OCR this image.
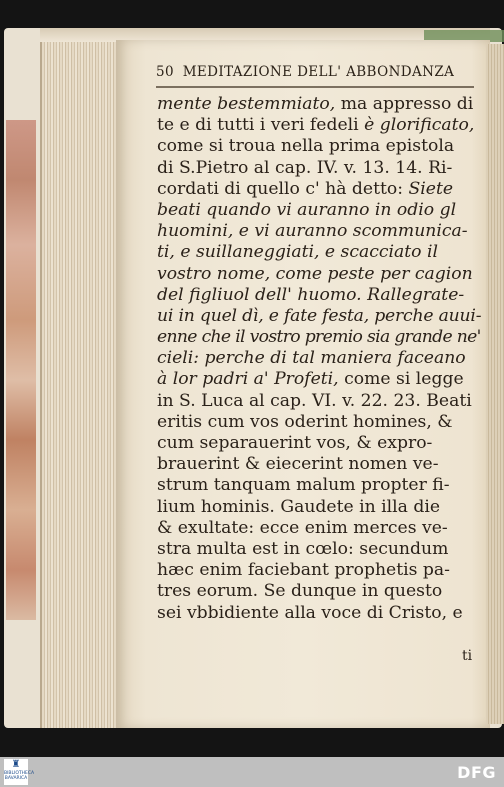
50 MEDITAZIONE DELL' ABBONDANZA
mente bestemmiato, ma appresso di
te e di tutti i veri fedeli è glorificato,
come si troua nella prima epistola
di S.Pietro al cap. IV. v. 13. 14. Ri-
cordati di quello c' hà detto: Siete
beati quando vi auranno in odio gl
huomini, e vi auranno scommunica-
ti, e suillaneggiati, e scacciato il
vostro nome, come peste per cagion
del figliuol dell' huomo. Rallegrate-
ui in quel dì, e fate festa, perche auui-
enne che il vostro premio sia grande ne'
cieli: perche di tal maniera faceano
à lor padri a' Profeti, come si legge
in S. Luca al cap. VI. v. 22. 23. Beati
eritis cum vos oderint homines, &
cum separauerint vos, & expro-
brauerint & eiecerint nomen ve-
strum tanquam malum propter fi-
lium hominis. Gaudete in illa die
& exultate: ecce enim merces ve-
stra multa est in cœlo: secundum
hæc enim faciebant prophetis pa-
tres eorum. Se dunque in questo
sei vbbidiente alla voce di Cristo, e
ti
♜
BIBLIOTHECA
BAVARICA	DFG
